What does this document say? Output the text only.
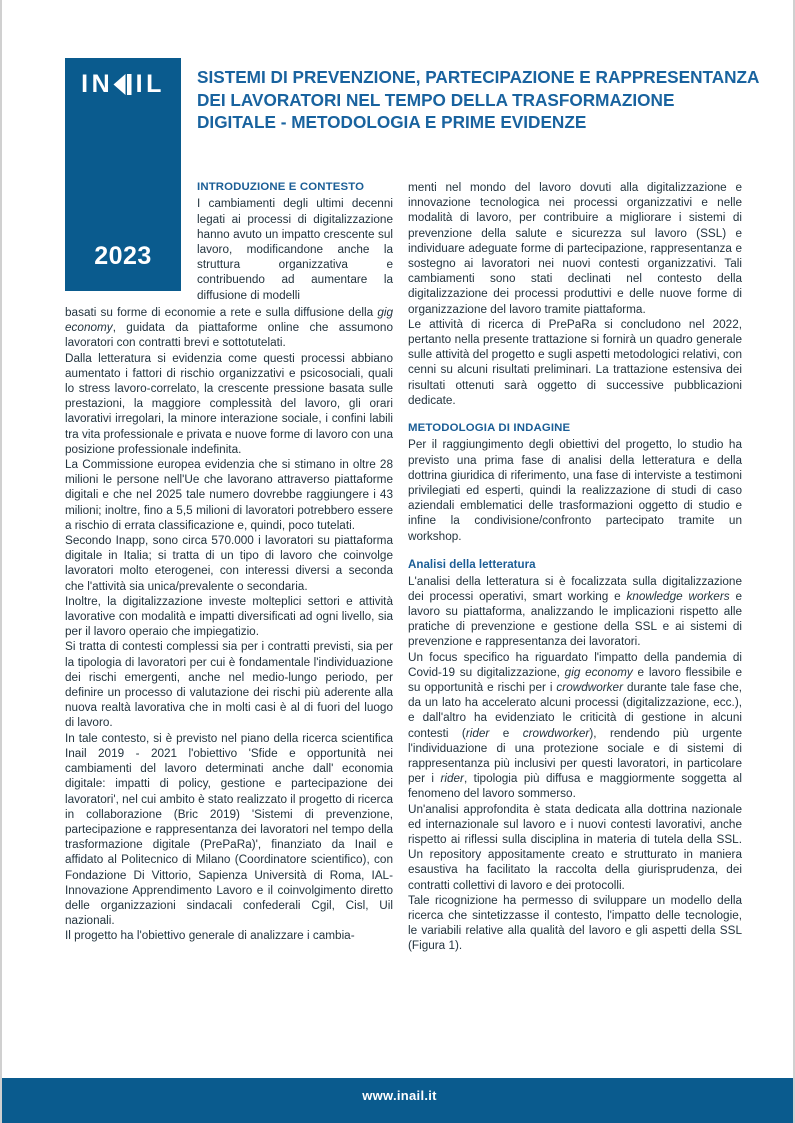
IN IL
2023
SISTEMI DI PREVENZIONE, PARTECIPAZIONE E RAPPRESENTANZA
DEI LAVORATORI NEL TEMPO DELLA TRASFORMAZIONE
DIGITALE - METODOLOGIA E PRIME EVIDENZE
INTRODUZIONE E CONTESTO

I cambiamenti degli ultimi decenni legati ai processi di digitalizzazione hanno avuto un impatto crescente sul lavoro, modificandone anche la struttura organizzativa e contribuendo ad aumentare la diffusione di modelli

basati su forme di economie a rete e sulla diffusione della gig economy, guidata da piattaforme online che assumono lavoratori con contratti brevi e sottotutelati.

Dalla letteratura si evidenzia come questi processi abbiano aumentato i fattori di rischio organizzativi e psicosociali, quali lo stress lavoro-correlato, la crescente pressione basata sulle prestazioni, la maggiore complessità del lavoro, gli orari lavorativi irregolari, la minore interazione sociale, i confini labili tra vita professionale e privata e nuove forme di lavoro con una posizione professionale indefinita.

La Commissione europea evidenzia che si stimano in oltre 28 milioni le persone nell'Ue che lavorano attraverso piattaforme digitali e che nel 2025 tale numero dovrebbe raggiungere i 43 milioni; inoltre, fino a 5,5 milioni di lavoratori potrebbero essere a rischio di errata classificazione e, quindi, poco tutelati.

Secondo Inapp, sono circa 570.000 i lavoratori su piattaforma digitale in Italia; si tratta di un tipo di lavoro che coinvolge lavoratori molto eterogenei, con interessi diversi a seconda che l'attività sia unica/prevalente o secondaria.

Inoltre, la digitalizzazione investe molteplici settori e attività lavorative con modalità e impatti diversificati ad ogni livello, sia per il lavoro operaio che impiegatizio.

Si tratta di contesti complessi sia per i contratti previsti, sia per la tipologia di lavoratori per cui è fondamentale l'individuazione dei rischi emergenti, anche nel medio-lungo periodo, per definire un processo di valutazione dei rischi più aderente alla nuova realtà lavorativa che in molti casi è al di fuori del luogo di lavoro.

In tale contesto, si è previsto nel piano della ricerca scientifica Inail 2019 - 2021 l'obiettivo 'Sfide e opportunità nei cambiamenti del lavoro determinati anche dall' economia digitale: impatti di policy, gestione e partecipazione dei lavoratori', nel cui ambito è stato realizzato il progetto di ricerca in collaborazione (Bric 2019) 'Sistemi di prevenzione, partecipazione e rappresentanza dei lavoratori nel tempo della trasformazione digitale (PrePaRa)', finanziato da Inail e affidato al Politecnico di Milano (Coordinatore scientifico), con Fondazione Di Vittorio, Sapienza Università di Roma, IAL-Innovazione Apprendimento Lavoro e il coinvolgimento diretto delle organizzazioni sindacali confederali Cgil, Cisl, Uil nazionali.

Il progetto ha l'obiettivo generale di analizzare i cambia-

menti nel mondo del lavoro dovuti alla digitalizzazione e innovazione tecnologica nei processi organizzativi e nelle modalità di lavoro, per contribuire a migliorare i sistemi di prevenzione della salute e sicurezza sul lavoro (SSL) e individuare adeguate forme di partecipazione, rappresentanza e sostegno ai lavoratori nei nuovi contesti organizzativi. Tali cambiamenti sono stati declinati nel contesto della digitalizzazione dei processi produttivi e delle nuove forme di organizzazione del lavoro tramite piattaforma.

Le attività di ricerca di PrePaRa si concludono nel 2022, pertanto nella presente trattazione si fornirà un quadro generale sulle attività del progetto e sugli aspetti metodologici relativi, con cenni su alcuni risultati preliminari. La trattazione estensiva dei risultati ottenuti sarà oggetto di successive pubblicazioni dedicate.

METODOLOGIA DI INDAGINE

Per il raggiungimento degli obiettivi del progetto, lo studio ha previsto una prima fase di analisi della letteratura e della dottrina giuridica di riferimento, una fase di interviste a testimoni privilegiati ed esperti, quindi la realizzazione di studi di caso aziendali emblematici delle trasformazioni oggetto di studio e infine la condivisione/confronto partecipato tramite un workshop.

Analisi della letteratura

L'analisi della letteratura si è focalizzata sulla digitalizzazione dei processi operativi, smart working e knowledge workers e lavoro su piattaforma, analizzando le implicazioni rispetto alle pratiche di prevenzione e gestione della SSL e ai sistemi di prevenzione e rappresentanza dei lavoratori.

Un focus specifico ha riguardato l'impatto della pandemia di Covid-19 su digitalizzazione, gig economy e lavoro flessibile e su opportunità e rischi per i crowdworker durante tale fase che, da un lato ha accelerato alcuni processi (digitalizzazione, ecc.), e dall'altro ha evidenziato le criticità di gestione in alcuni contesti (rider e crowdworker), rendendo più urgente l'individuazione di una protezione sociale e di sistemi di rappresentanza più inclusivi per questi lavoratori, in particolare per i rider, tipologia più diffusa e maggiormente soggetta al fenomeno del lavoro sommerso.

Un'analisi approfondita è stata dedicata alla dottrina nazionale ed internazionale sul lavoro e i nuovi contesti lavorativi, anche rispetto ai riflessi sulla disciplina in materia di tutela della SSL. Un repository appositamente creato e strutturato in maniera esaustiva ha facilitato la raccolta della giurisprudenza, dei contratti collettivi di lavoro e dei protocolli.

Tale ricognizione ha permesso di sviluppare un modello della ricerca che sintetizzasse il contesto, l'impatto delle tecnologie, le variabili relative alla qualità del lavoro e gli aspetti della SSL (Figura 1).

www.inail.it
